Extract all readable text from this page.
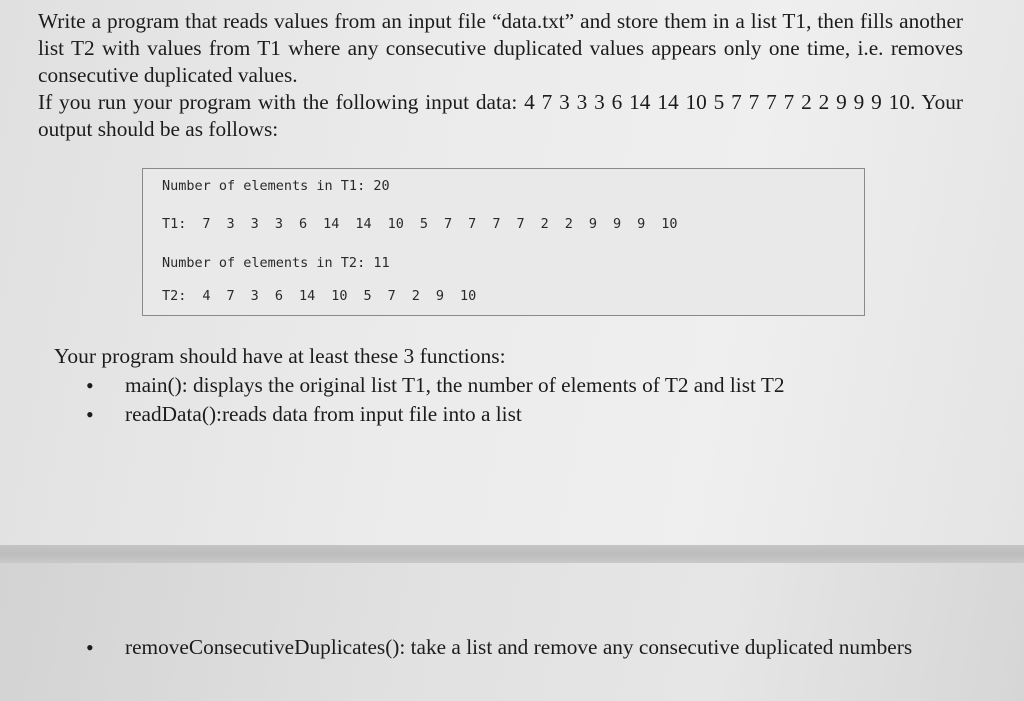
Write a program that reads values from an input file “data.txt” and store them in a list T1, then fills another list T2 with values from T1 where any consecutive duplicated values appears only one time, i.e. removes consecutive duplicated values.

If you run your program with the following input data: 4 7 3 3 3 6 14 14 10 5 7 7 7 7 2 2 9 9 9 10. Your output should be as follows:

Number of elements in T1: 20
T1: 7 3 3 3 6 14 14 10 5 7 7 7 7 2 2 9 9 9 10
Number of elements in T2: 11
T2: 4 7 3 6 14 10 5 7 2 9 10

Your program should have at least these 3 functions:

• main(): displays the original list T1, the number of elements of T2 and list T2
• readData():reads data from input file into a list
• removeConsecutiveDuplicates(): take a list and remove any consecutive duplicated numbers
